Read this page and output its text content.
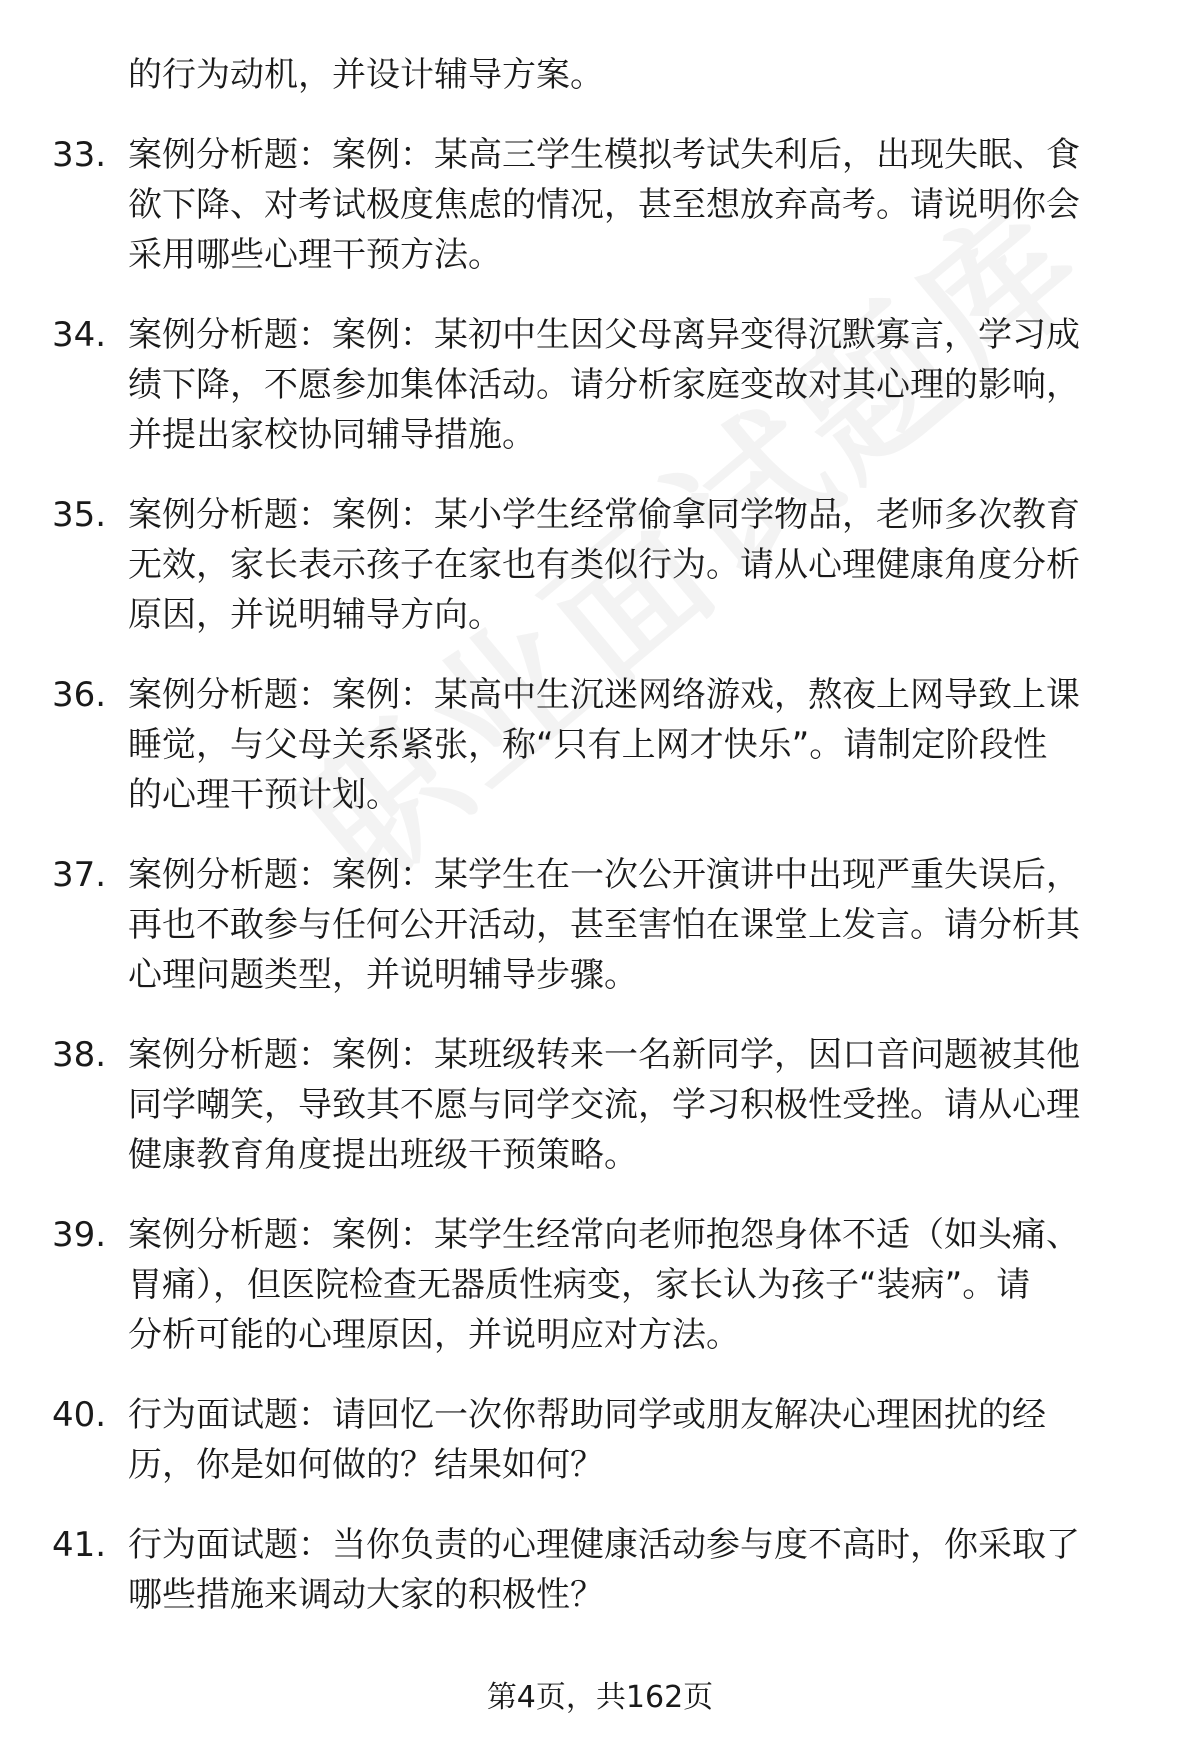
的行为动机，并设计辅导方案。
33. 案例分析题：案例：某高三学生模拟考试失利后，出现失眠、食
欲下降、对考试极度焦虑的情况，甚至想放弃高考。请说明你会
采用哪些心理干预方法。
34. 案例分析题：案例：某初中生因父母离异变得沉默寡言，学习成
绩下降，不愿参加集体活动。请分析家庭变故对其心理的影响，
并提出家校协同辅导措施。
35. 案例分析题：案例：某小学生经常偷拿同学物品，老师多次教育
无效，家长表示孩子在家也有类似行为。请从心理健康角度分析
原因，并说明辅导方向。
36. 案例分析题：案例：某高中生沉迷网络游戏，熬夜上网导致上课
睡觉，与父母关系紧张，称“只有上网才快乐”。请制定阶段性
的心理干预计划。
37. 案例分析题：案例：某学生在一次公开演讲中出现严重失误后，
再也不敢参与任何公开活动，甚至害怕在课堂上发言。请分析其
心理问题类型，并说明辅导步骤。
38. 案例分析题：案例：某班级转来一名新同学，因口音问题被其他
同学嘲笑，导致其不愿与同学交流，学习积极性受挫。请从心理
健康教育角度提出班级干预策略。
39. 案例分析题：案例：某学生经常向老师抱怨身体不适（如头痛、
胃痛），但医院检查无器质性病变，家长认为孩子“装病”。请
分析可能的心理原因，并说明应对方法。
40. 行为面试题：请回忆一次你帮助同学或朋友解决心理困扰的经
历，你是如何做的？结果如何？
41. 行为面试题：当你负责的心理健康活动参与度不高时，你采取了
哪些措施来调动大家的积极性？
第4页，共162页
